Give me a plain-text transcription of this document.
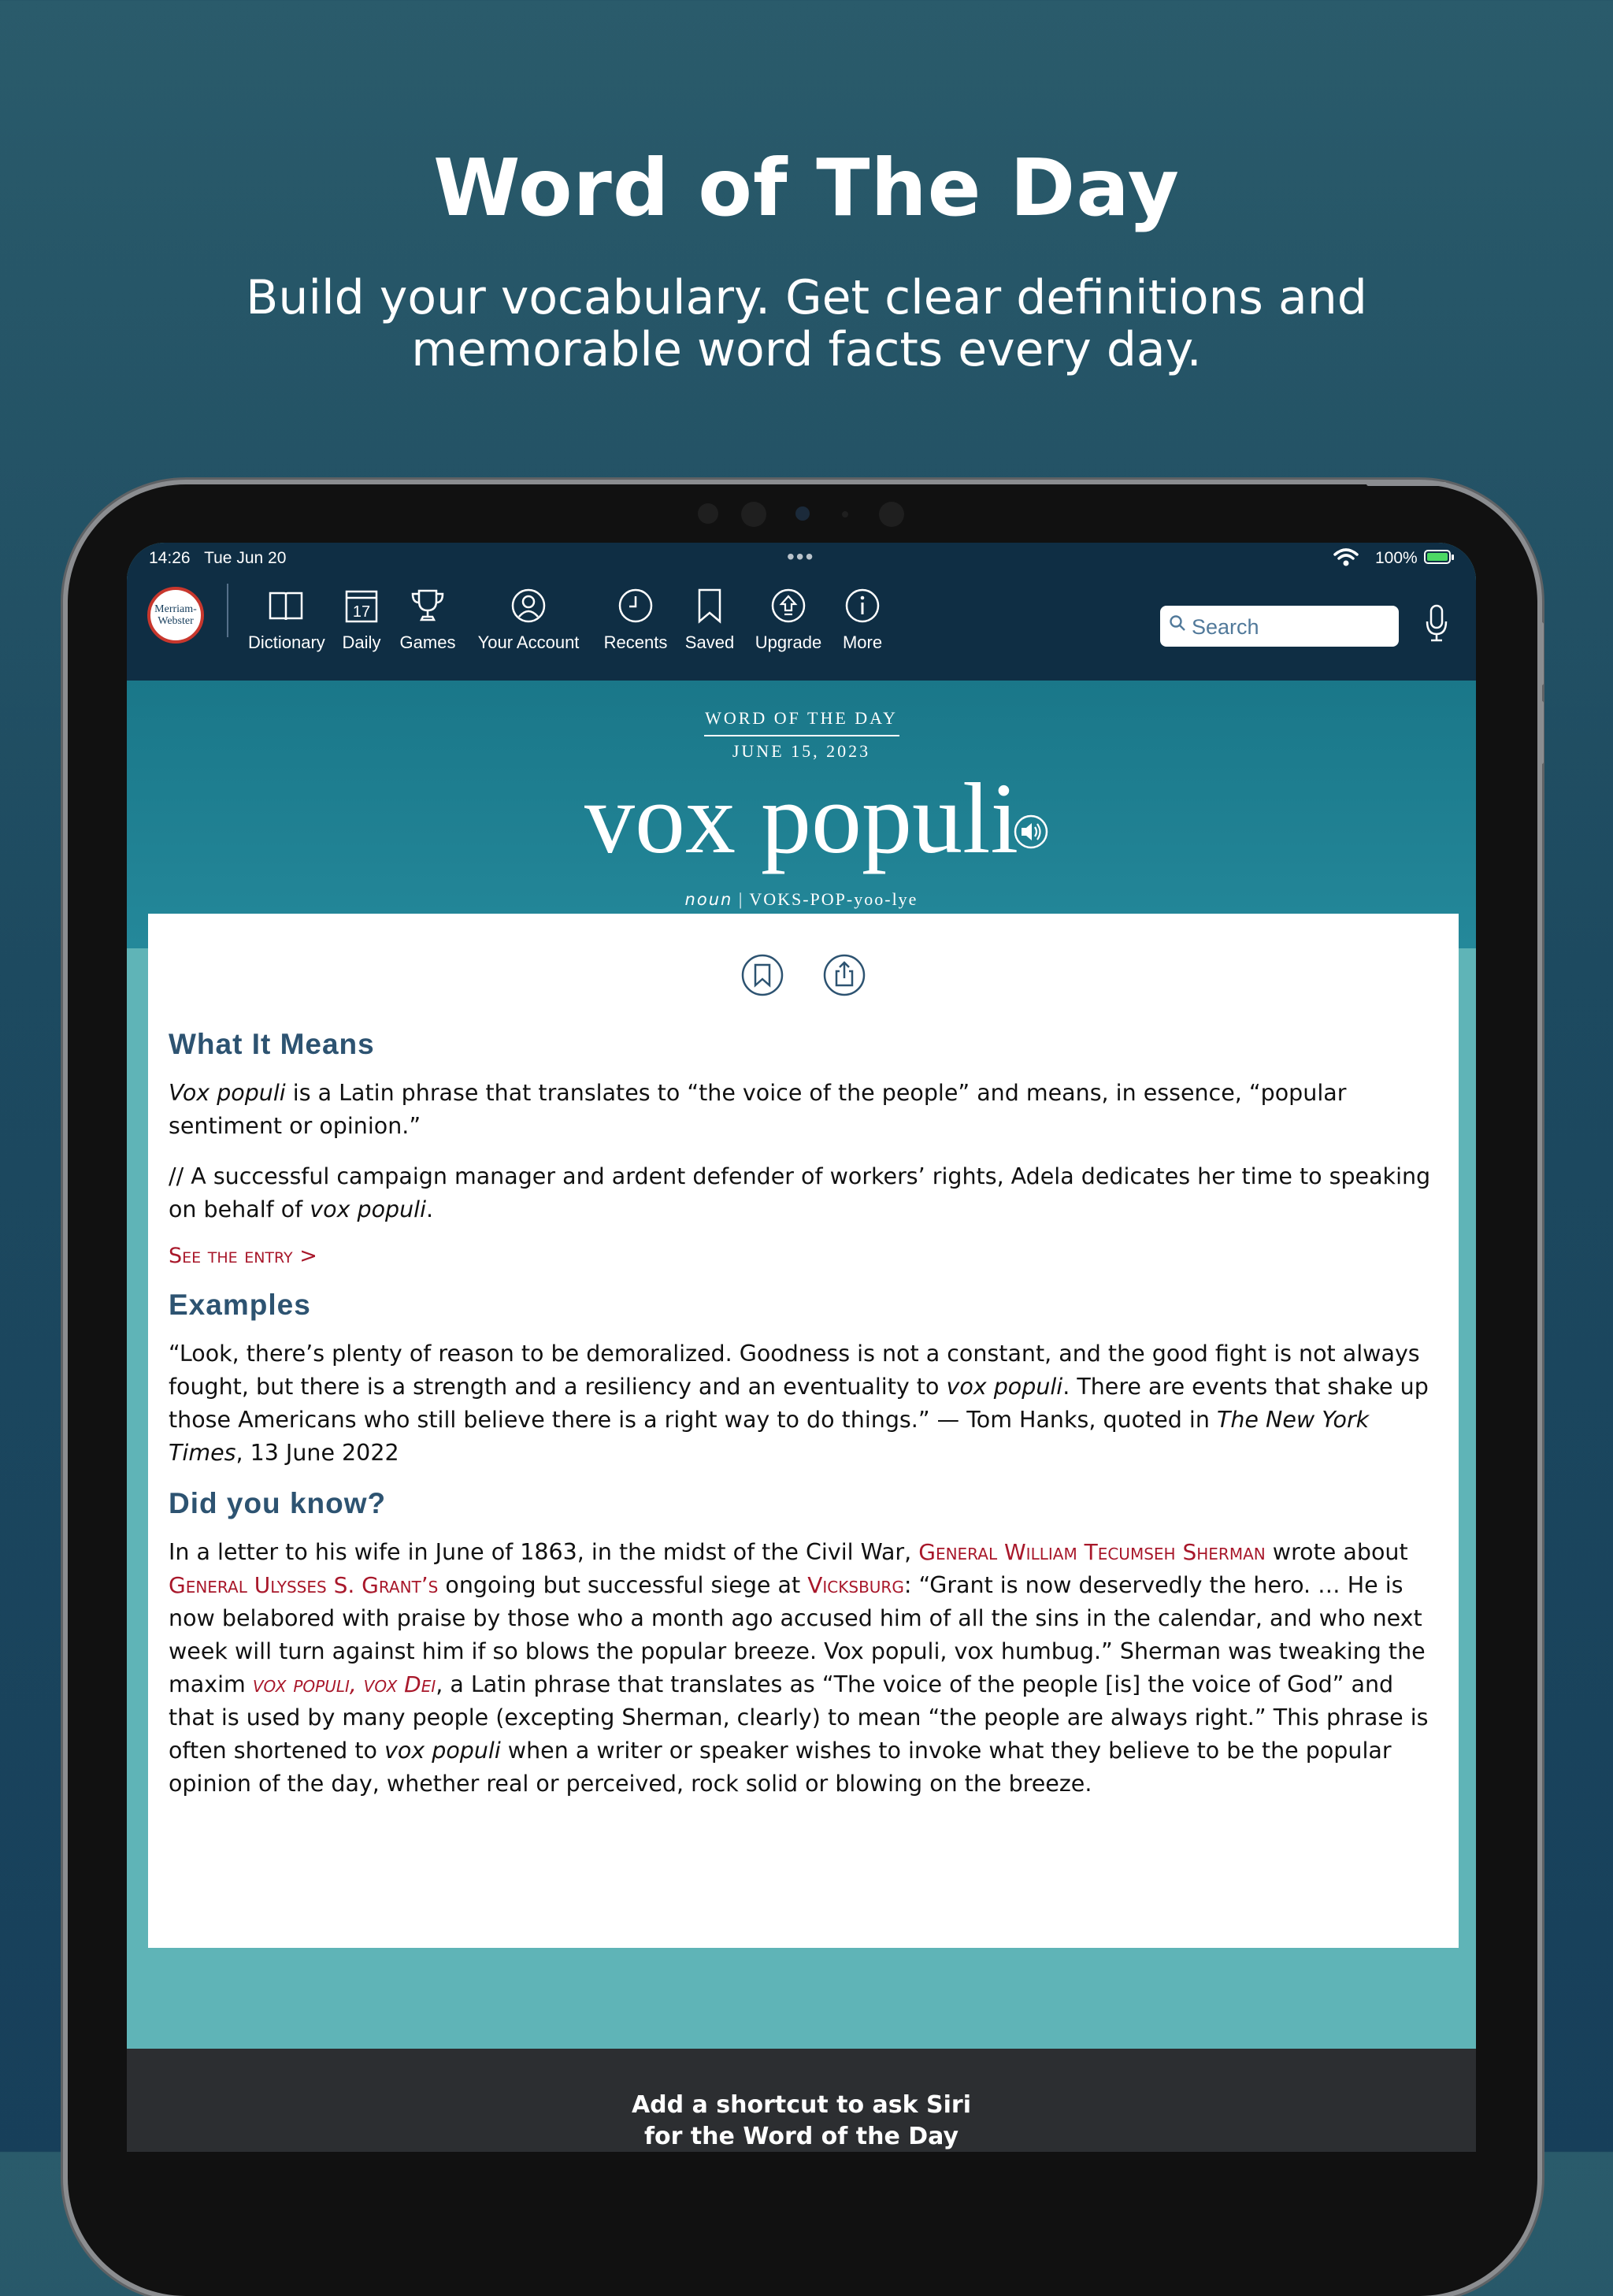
Word of The Day
Build your vocabulary. Get clear definitions and memorable word facts every day.
14:26 Tue Jun 20	•••	100%
Merriam-Webster
Dictionary
17
Daily Games Your Account Recents Saved Upgrade	More
Search
WORD OF THE DAY
JUNE 15, 2023
vox populi
noun | VOKS-POP-yoo-lye
What It Means

Vox populi is a Latin phrase that translates to “the voice of the people” and means, in essence, “popular sentiment or opinion.”

// A successful campaign manager and ardent defender of workers’ rights, Adela dedicates her time to speaking on behalf of vox populi.

See the entry >
Examples

“Look, there’s plenty of reason to be demoralized. Goodness is not a constant, and the good fight is not always fought, but there is a strength and a resiliency and an eventuality to vox populi. There are events that shake up those Americans who still believe there is a right way to do things.” — Tom Hanks, quoted in The New York Times, 13 June 2022

Did you know?

In a letter to his wife in June of 1863, in the midst of the Civil War, General William Tecumseh Sherman wrote about General Ulysses S. Grant’s ongoing but successful siege at Vicksburg: “Grant is now deservedly the hero. … He is now belabored with praise by those who a month ago accused him of all the sins in the calendar, and who next week will turn against him if so blows the popular breeze. Vox populi, vox humbug.” Sherman was tweaking the maxim vox populi, vox Dei, a Latin phrase that translates as “The voice of the people [is] the voice of God” and that is used by many people (excepting Sherman, clearly) to mean “the people are always right.” This phrase is often shortened to vox populi when a writer or speaker wishes to invoke what they believe to be the popular opinion of the day, whether real or perceived, rock solid or blowing on the breeze.

Add a shortcut to ask Siri
for the Word of the Day
